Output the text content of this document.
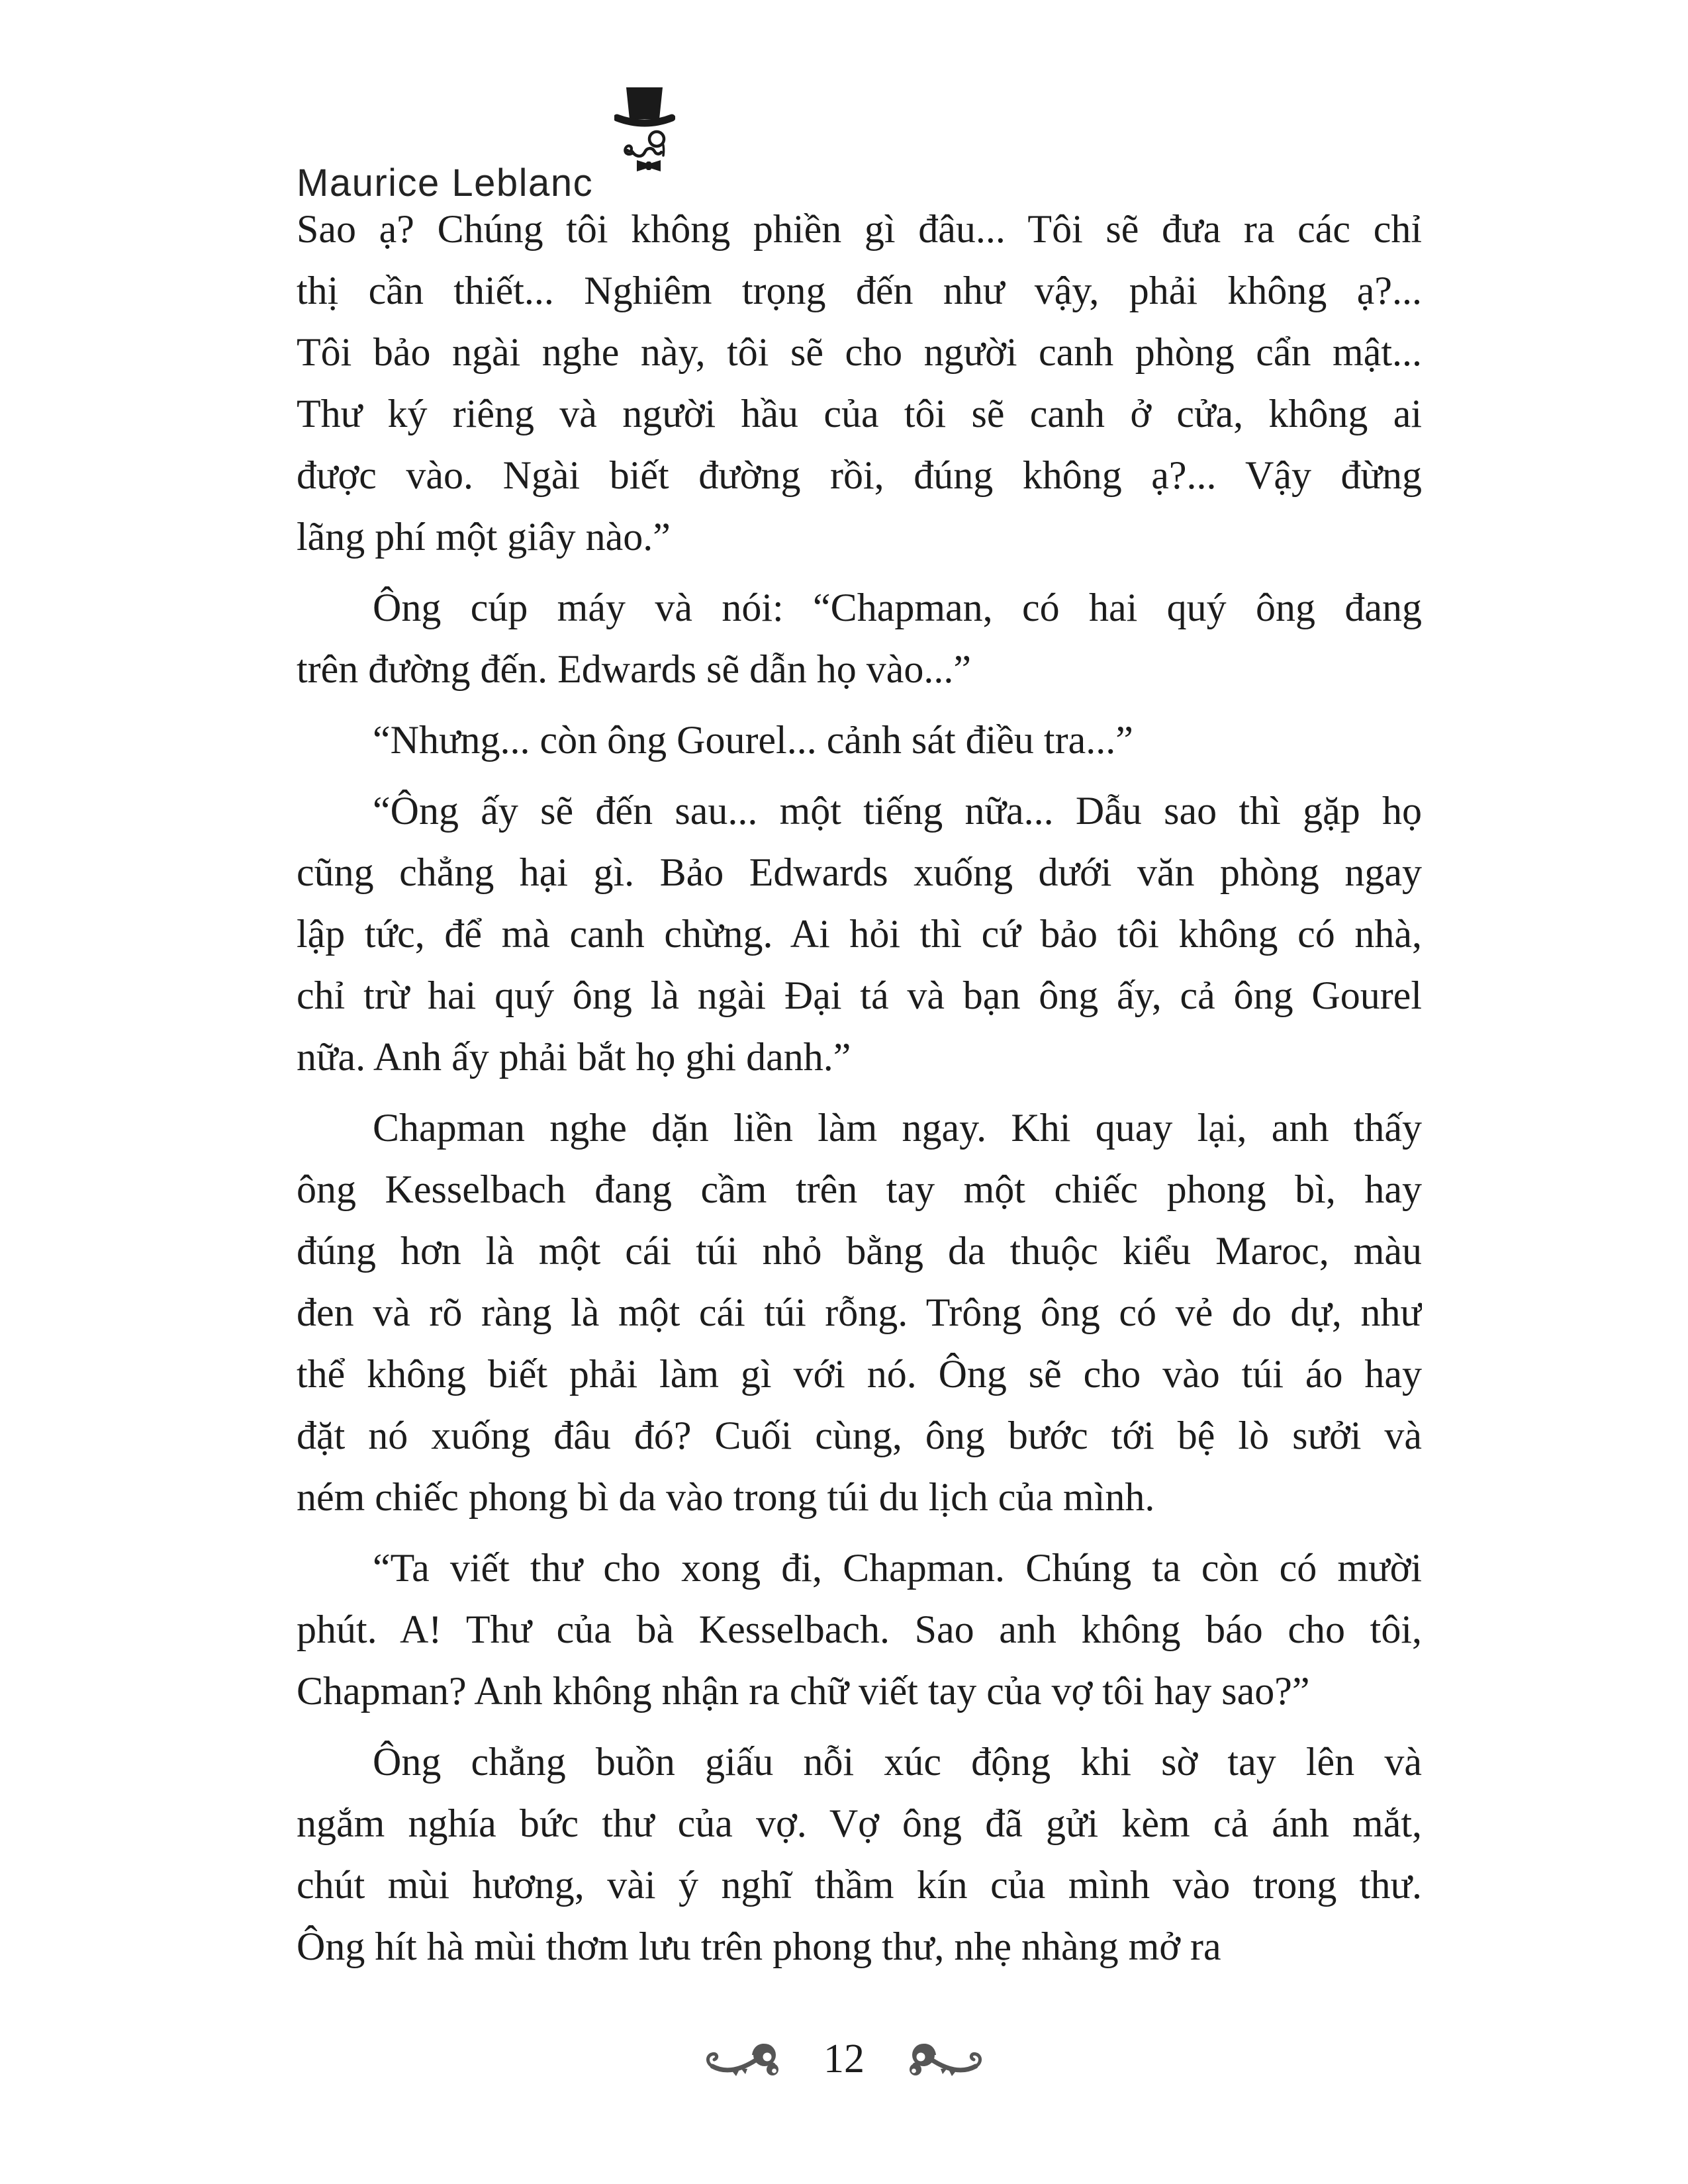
Maurice Leblanc
Sao ạ? Chúng tôi không phiền gì đâu... Tôi sẽ đưa ra các chỉ
thị cần thiết... Nghiêm trọng đến như vậy, phải không ạ?...
Tôi bảo ngài nghe này, tôi sẽ cho người canh phòng cẩn mật...
Thư ký riêng và người hầu của tôi sẽ canh ở cửa, không ai
được vào. Ngài biết đường rồi, đúng không ạ?... Vậy đừng
lãng phí một giây nào.”
Ông cúp máy và nói: “Chapman, có hai quý ông đang
trên đường đến. Edwards sẽ dẫn họ vào...”
“Nhưng... còn ông Gourel... cảnh sát điều tra...”
“Ông ấy sẽ đến sau... một tiếng nữa... Dẫu sao thì gặp họ
cũng chẳng hại gì. Bảo Edwards xuống dưới văn phòng ngay
lập tức, để mà canh chừng. Ai hỏi thì cứ bảo tôi không có nhà,
chỉ trừ hai quý ông là ngài Đại tá và bạn ông ấy, cả ông Gourel
nữa. Anh ấy phải bắt họ ghi danh.”
Chapman nghe dặn liền làm ngay. Khi quay lại, anh thấy
ông Kesselbach đang cầm trên tay một chiếc phong bì, hay
đúng hơn là một cái túi nhỏ bằng da thuộc kiểu Maroc, màu
đen và rõ ràng là một cái túi rỗng. Trông ông có vẻ do dự, như
thể không biết phải làm gì với nó. Ông sẽ cho vào túi áo hay
đặt nó xuống đâu đó? Cuối cùng, ông bước tới bệ lò sưởi và
ném chiếc phong bì da vào trong túi du lịch của mình.
“Ta viết thư cho xong đi, Chapman. Chúng ta còn có mười
phút. A! Thư của bà Kesselbach. Sao anh không báo cho tôi,
Chapman? Anh không nhận ra chữ viết tay của vợ tôi hay sao?”
Ông chẳng buồn giấu nỗi xúc động khi sờ tay lên và
ngắm nghía bức thư của vợ. Vợ ông đã gửi kèm cả ánh mắt,
chút mùi hương, vài ý nghĩ thầm kín của mình vào trong thư.
Ông hít hà mùi thơm lưu trên phong thư, nhẹ nhàng mở ra
12
